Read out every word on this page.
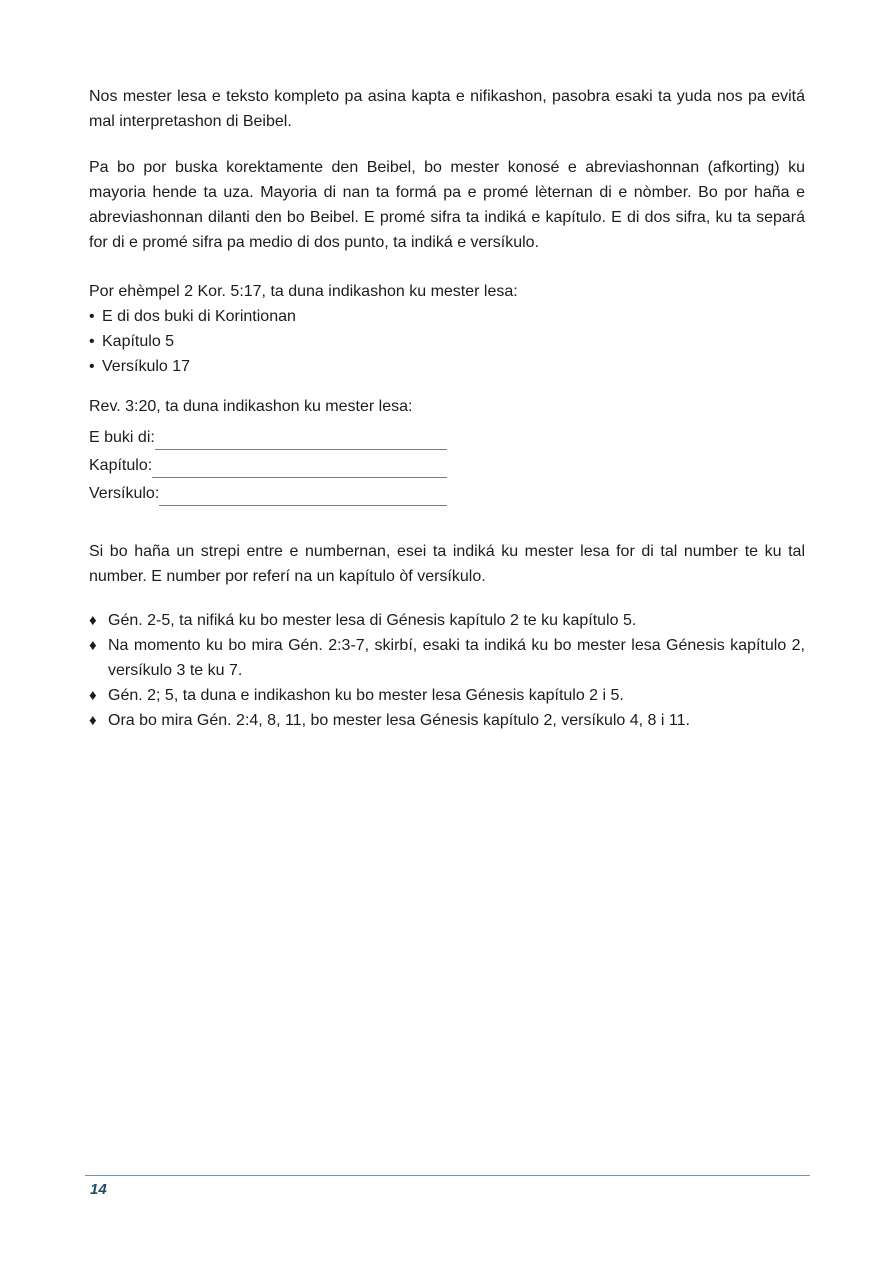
Nos mester lesa e teksto kompleto pa asina kapta e nifikashon, pasobra esaki ta yuda nos pa evitá mal interpretashon di Beibel.

Pa bo por buska korektamente den Beibel, bo mester konosé e abreviashonnan (afkorting) ku mayoria hende ta uza. Mayoria di nan ta formá pa e promé lèternan di e nòmber. Bo por haña e abreviashonnan dilanti den bo Beibel. E promé sifra ta indiká e kapítulo. E di dos sifra, ku ta separá for di e promé sifra pa medio di dos punto, ta indiká e versíkulo.

Por ehèmpel 2 Kor. 5:17, ta duna indikashon ku mester lesa:

• E di dos buki di Korintionan
• Kapítulo 5
• Versíkulo 17

Rev. 3:20, ta duna indikashon ku mester lesa:

E buki di:
Kapítulo:
Versíkulo:

Si bo haña un strepi entre e numbernan, esei ta indiká ku mester lesa for di tal number te ku tal number. E number por referí na un kapítulo òf versíkulo.

♦ Gén. 2-5, ta nifiká ku bo mester lesa di Génesis kapítulo 2 te ku kapítulo 5.
♦ Na momento ku bo mira Gén. 2:3-7, skirbí, esaki ta indiká ku bo mester lesa Génesis kapítulo 2, versíkulo 3 te ku 7.
♦ Gén. 2; 5, ta duna e indikashon ku bo mester lesa Génesis kapítulo 2 i 5.
♦ Ora bo mira Gén. 2:4, 8, 11, bo mester lesa Génesis kapítulo 2, versíkulo 4, 8 i 11.
14
